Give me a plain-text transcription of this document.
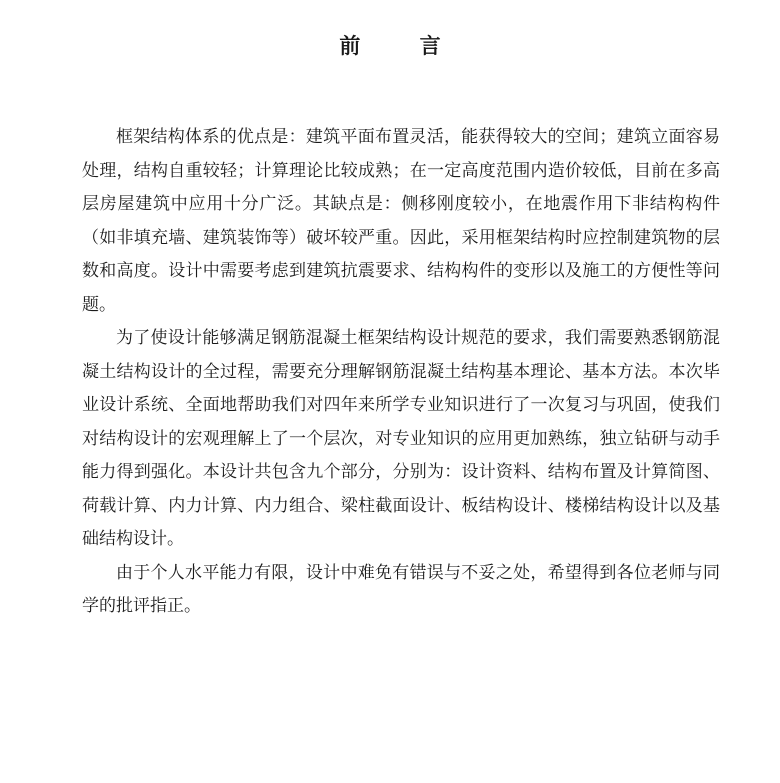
前 言

框架结构体系的优点是：建筑平面布置灵活，能获得较大的空间；建筑立面容易处理，结构自重较轻；计算理论比较成熟；在一定高度范围内造价较低，目前在多高层房屋建筑中应用十分广泛。其缺点是：侧移刚度较小，在地震作用下非结构构件（如非填充墙、建筑装饰等）破坏较严重。因此，采用框架结构时应控制建筑物的层数和高度。设计中需要考虑到建筑抗震要求、结构构件的变形以及施工的方便性等问题。

为了使设计能够满足钢筋混凝土框架结构设计规范的要求，我们需要熟悉钢筋混凝土结构设计的全过程，需要充分理解钢筋混凝土结构基本理论、基本方法。本次毕业设计系统、全面地帮助我们对四年来所学专业知识进行了一次复习与巩固，使我们对结构设计的宏观理解上了一个层次，对专业知识的应用更加熟练，独立钻研与动手能力得到强化。本设计共包含九个部分，分别为：设计资料、结构布置及计算简图、荷载计算、内力计算、内力组合、梁柱截面设计、板结构设计、楼梯结构设计以及基础结构设计。

由于个人水平能力有限，设计中难免有错误与不妥之处，希望得到各位老师与同学的批评指正。
